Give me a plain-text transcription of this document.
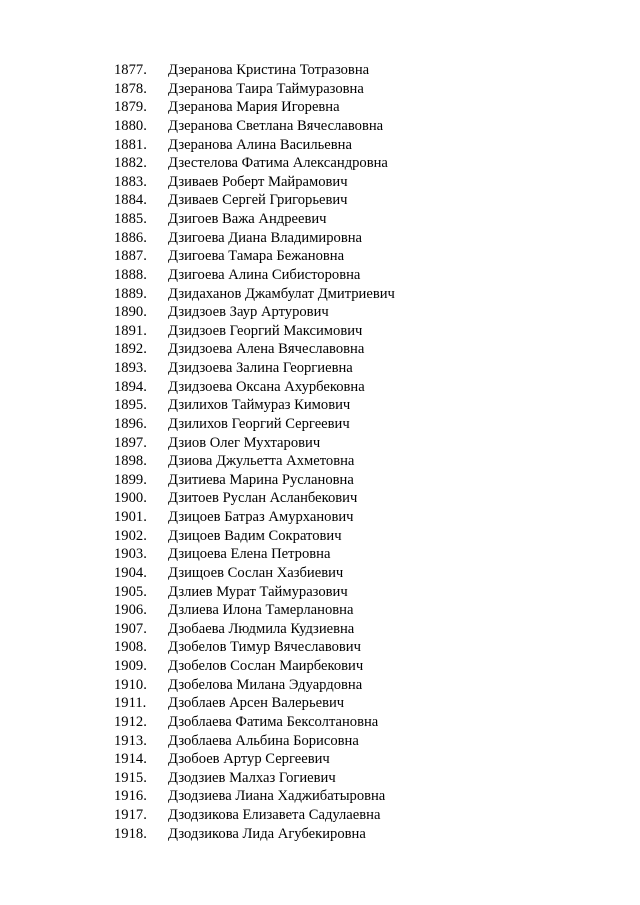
1877. Дзеранова Кристина Тотразовна
1878. Дзеранова Таира Таймуразовна
1879. Дзеранова Мария Игоревна
1880. Дзеранова Светлана Вячеславовна
1881. Дзеранова Алина Васильевна
1882. Дзестелова Фатима Александровна
1883. Дзиваев Роберт Майрамович
1884. Дзиваев Сергей Григорьевич
1885. Дзигоев Важа Андреевич
1886. Дзигоева Диана Владимировна
1887. Дзигоева Тамара Бежановна
1888. Дзигоева Алина Сибисторовна
1889. Дзидаханов Джамбулат Дмитриевич
1890. Дзидзоев Заур Артурович
1891. Дзидзоев Георгий Максимович
1892. Дзидзоева Алена Вячеславовна
1893. Дзидзоева Залина Георгиевна
1894. Дзидзоева Оксана Ахурбековна
1895. Дзилихов Таймураз Кимович
1896. Дзилихов Георгий Сергеевич
1897. Дзиов Олег Мухтарович
1898. Дзиова Джульетта Ахметовна
1899. Дзитиева Марина Руслановна
1900. Дзитоев Руслан Асланбекович
1901. Дзицоев Батраз Амурханович
1902. Дзицоев Вадим Сократович
1903. Дзицоева Елена Петровна
1904. Дзищоев Сослан Хазбиевич
1905. Дзлиев Мурат Таймуразович
1906. Дзлиева Илона Тамерлановна
1907. Дзобаева Людмила Кудзиевна
1908. Дзобелов Тимур Вячеславович
1909. Дзобелов Сослан Маирбекович
1910. Дзобелова Милана Эдуардовна
1911. Дзоблаев Арсен Валерьевич
1912. Дзоблаева Фатима Бексолтановна
1913. Дзоблаева Альбина Борисовна
1914. Дзобоев Артур Сергеевич
1915. Дзодзиев Малхаз Гогиевич
1916. Дзодзиева Лиана Хаджибатыровна
1917. Дзодзикова Елизавета Садулаевна
1918. Дзодзикова Лида Агубекировна
